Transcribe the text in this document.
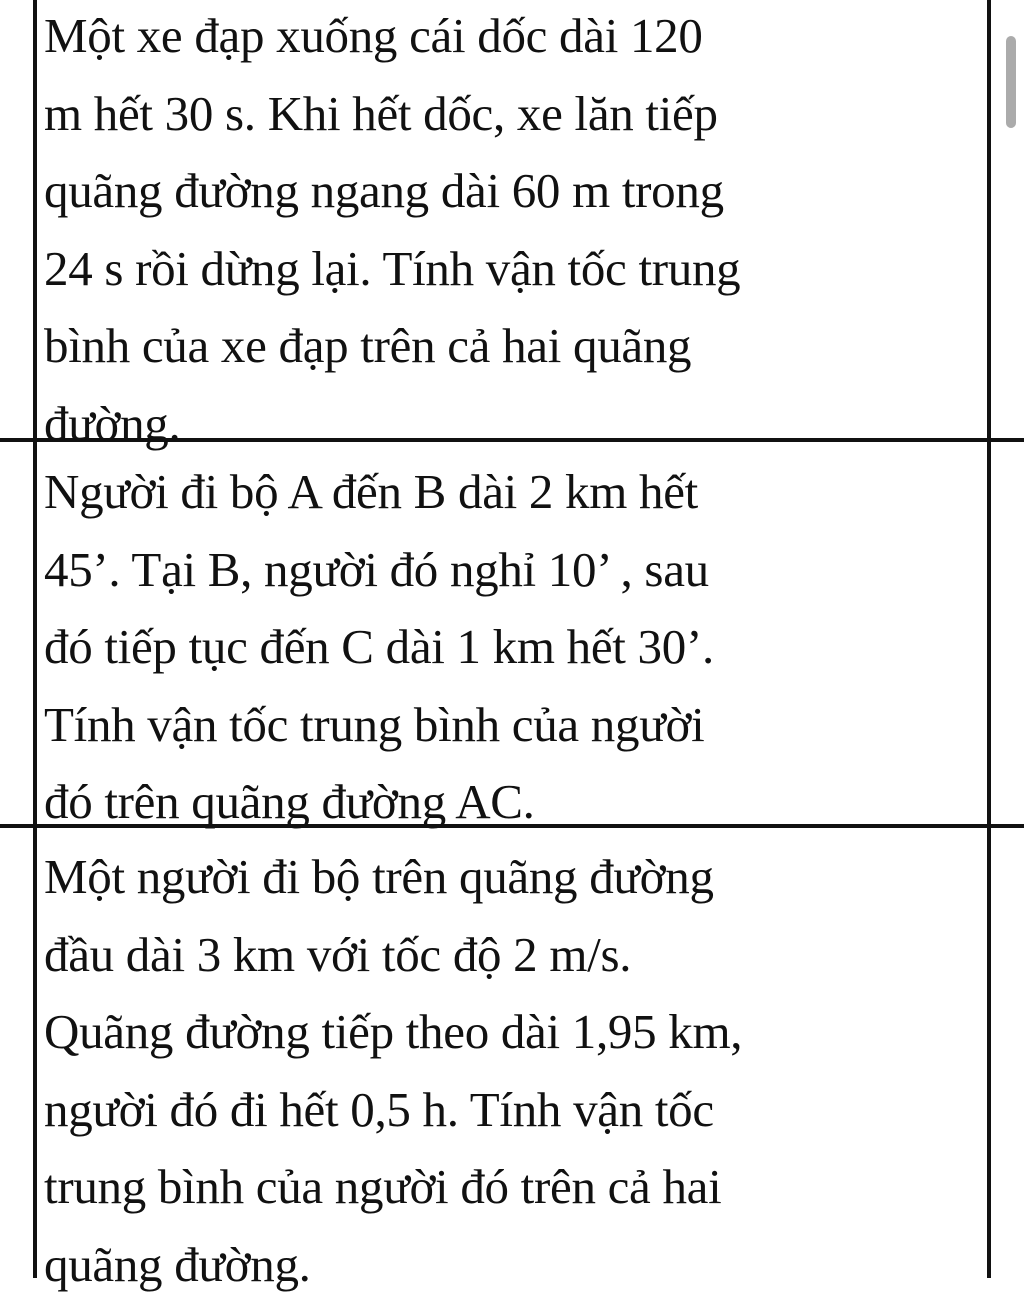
Một xe đạp xuống cái dốc dài 120
m hết 30 s. Khi hết dốc, xe lăn tiếp
quãng đường ngang dài 60 m trong
24 s rồi dừng lại. Tính vận tốc trung
bình của xe đạp trên cả hai quãng
đường.
Người đi bộ A đến B dài 2 km hết
45’. Tại B, người đó nghỉ 10’ , sau
đó tiếp tục đến C dài 1 km hết 30’.
Tính vận tốc trung bình của người
đó trên quãng đường AC.
Một người đi bộ trên quãng đường
đầu dài 3 km với tốc độ 2 m/s.
Quãng đường tiếp theo dài 1,95 km,
người đó đi hết 0,5 h. Tính vận tốc
trung bình của người đó trên cả hai
quãng đường.
